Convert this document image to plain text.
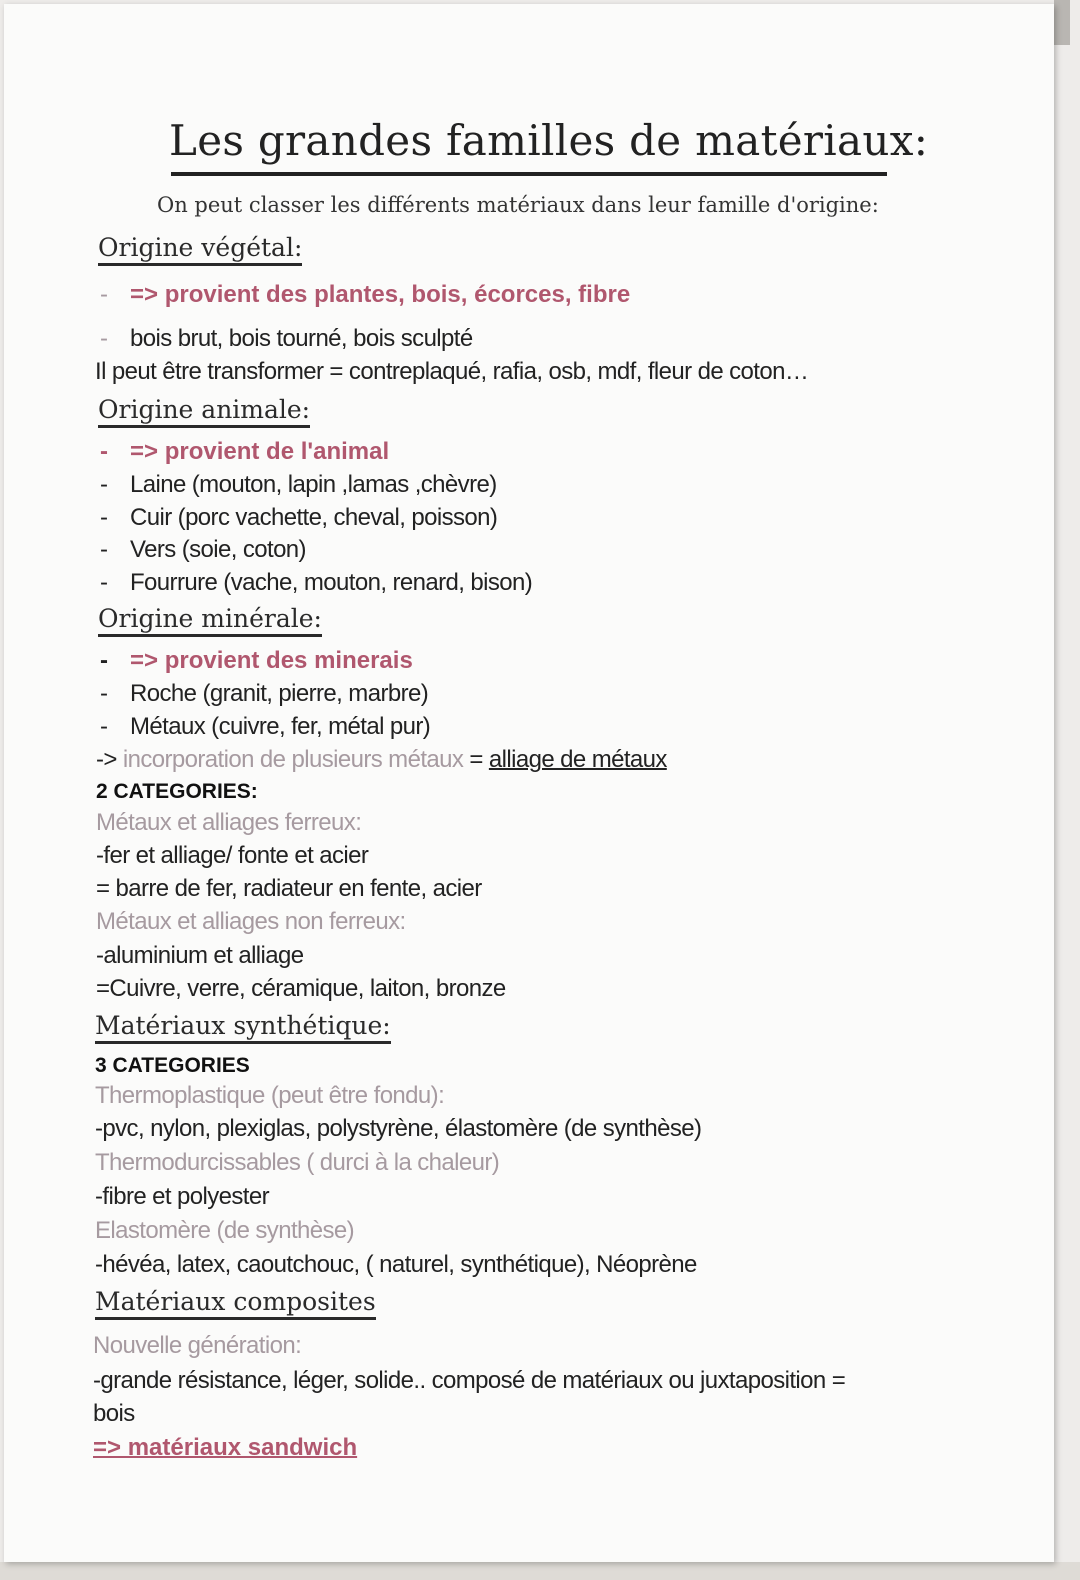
Les grandes familles de matériaux:
On peut classer les différents matériaux dans leur famille d'origine:
Origine végétal:
- => provient des plantes, bois, écorces, fibre
- bois brut, bois tourné, bois sculpté
Il peut être transformer = contreplaqué, rafia, osb, mdf, fleur de coton…
Origine animale:
- => provient de l'animal
- Laine (mouton, lapin ,lamas ,chèvre)
- Cuir (porc vachette, cheval, poisson)
- Vers (soie, coton)
- Fourrure (vache, mouton, renard, bison)
Origine minérale:
- => provient des minerais
- Roche (granit, pierre, marbre)
- Métaux (cuivre, fer, métal pur)
-> incorporation de plusieurs métaux = alliage de métaux
2 CATEGORIES:
Métaux et alliages ferreux:
-fer et alliage/ fonte et acier
= barre de fer, radiateur en fente, acier
Métaux et alliages non ferreux:
-aluminium et alliage
=Cuivre, verre, céramique, laiton, bronze
Matériaux synthétique:
3 CATEGORIES
Thermoplastique (peut être fondu):
-pvc, nylon, plexiglas, polystyrène, élastomère (de synthèse)
Thermodurcissables ( durci à la chaleur)
-fibre et polyester
Elastomère (de synthèse)
-hévéa, latex, caoutchouc, ( naturel, synthétique), Néoprène
Matériaux composites
Nouvelle génération:
-grande résistance, léger, solide.. composé de matériaux ou juxtaposition =
bois
=> matériaux sandwich
